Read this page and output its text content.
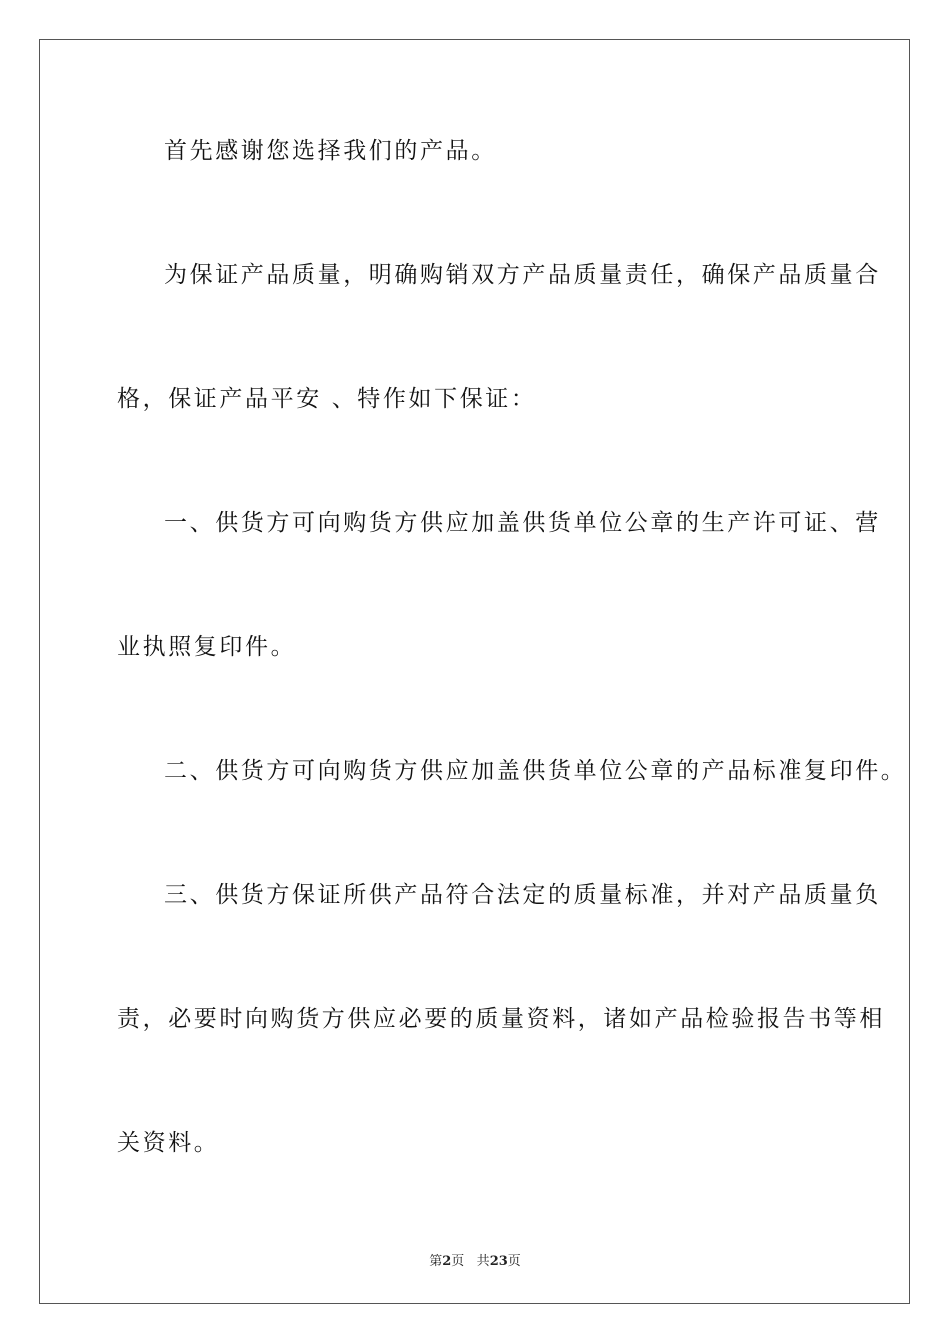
首先感谢您选择我们的产品。
为保证产品质量，明确购销双方产品质量责任，确保产品质量合
格，保证产品平安 、特作如下保证：
一、供货方可向购货方供应加盖供货单位公章的生产许可证、营
业执照复印件。
二、供货方可向购货方供应加盖供货单位公章的产品标准复印件。
三、供货方保证所供产品符合法定的质量标准，并对产品质量负
责，必要时向购货方供应必要的质量资料，诸如产品检验报告书等相
关资料。
第2页 共23页
